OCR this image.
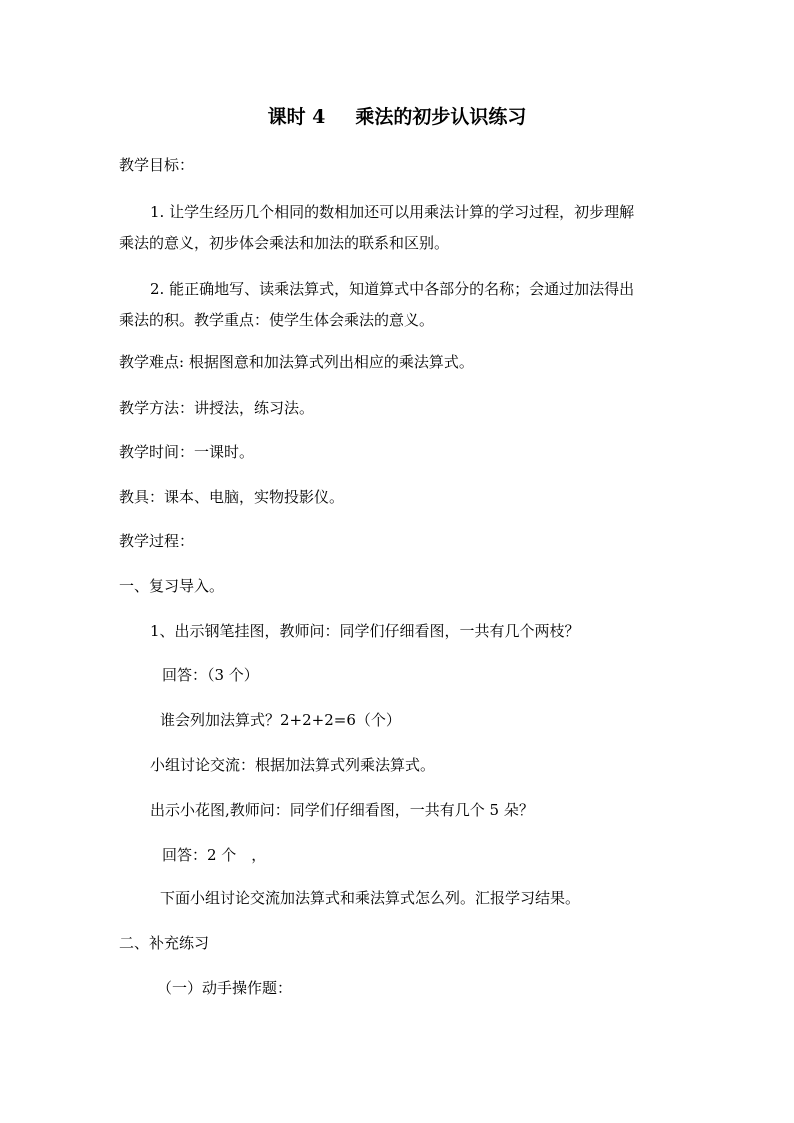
课时 4 乘法的初步认识练习
教学目标：
1. 让学生经历几个相同的数相加还可以用乘法计算的学习过程，初步理解
乘法的意义，初步体会乘法和加法的联系和区别。
2. 能正确地写、读乘法算式，知道算式中各部分的名称；会通过加法得出
乘法的积。教学重点：使学生体会乘法的意义。
教学难点: 根据图意和加法算式列出相应的乘法算式。
教学方法：讲授法，练习法。
教学时间：一课时。
教具：课本、电脑，实物投影仪。
教学过程：
一、复习导入。
1、出示钢笔挂图，教师问：同学们仔细看图，一共有几个两枝？
回答：（3 个）
谁会列加法算式？2+2+2=6（个）
小组讨论交流：根据加法算式列乘法算式。
出示小花图,教师问：同学们仔细看图，一共有几个 5 朵？
回答：2 个　，
下面小组讨论交流加法算式和乘法算式怎么列。汇报学习结果。
二、补充练习
（一）动手操作题：
